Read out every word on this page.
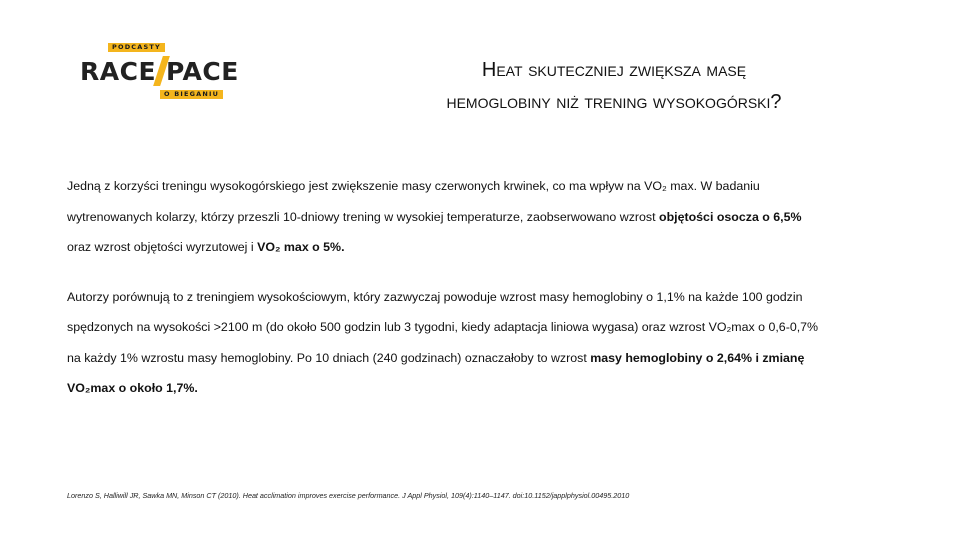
PODCASTY
RACE PACE
O BIEGANIU
Heat skuteczniej zwiększa masę
hemoglobiny niż trening wysokogórski?
Jedną z korzyści treningu wysokogórskiego jest zwiększenie masy czerwonych krwinek, co ma wpływ na VO₂ max. W badaniu
wytrenowanych kolarzy, którzy przeszli 10-dniowy trening w wysokiej temperaturze, zaobserwowano wzrost objętości osocza o 6,5%
oraz wzrost objętości wyrzutowej i VO₂ max o 5%.
Autorzy porównują to z treningiem wysokościowym, który zazwyczaj powoduje wzrost masy hemoglobiny o 1,1% na każde 100 godzin
spędzonych na wysokości >2100 m (do około 500 godzin lub 3 tygodni, kiedy adaptacja liniowa wygasa) oraz wzrost VO₂max o 0,6-0,7%
na każdy 1% wzrostu masy hemoglobiny. Po 10 dniach (240 godzinach) oznaczałoby to wzrost masy hemoglobiny o 2,64% i zmianę
VO₂max o około 1,7%.
Lorenzo S, Halliwill JR, Sawka MN, Minson CT (2010). Heat acclimation improves exercise performance. J Appl Physiol, 109(4):1140–1147. doi:10.1152/japplphysiol.00495.2010
